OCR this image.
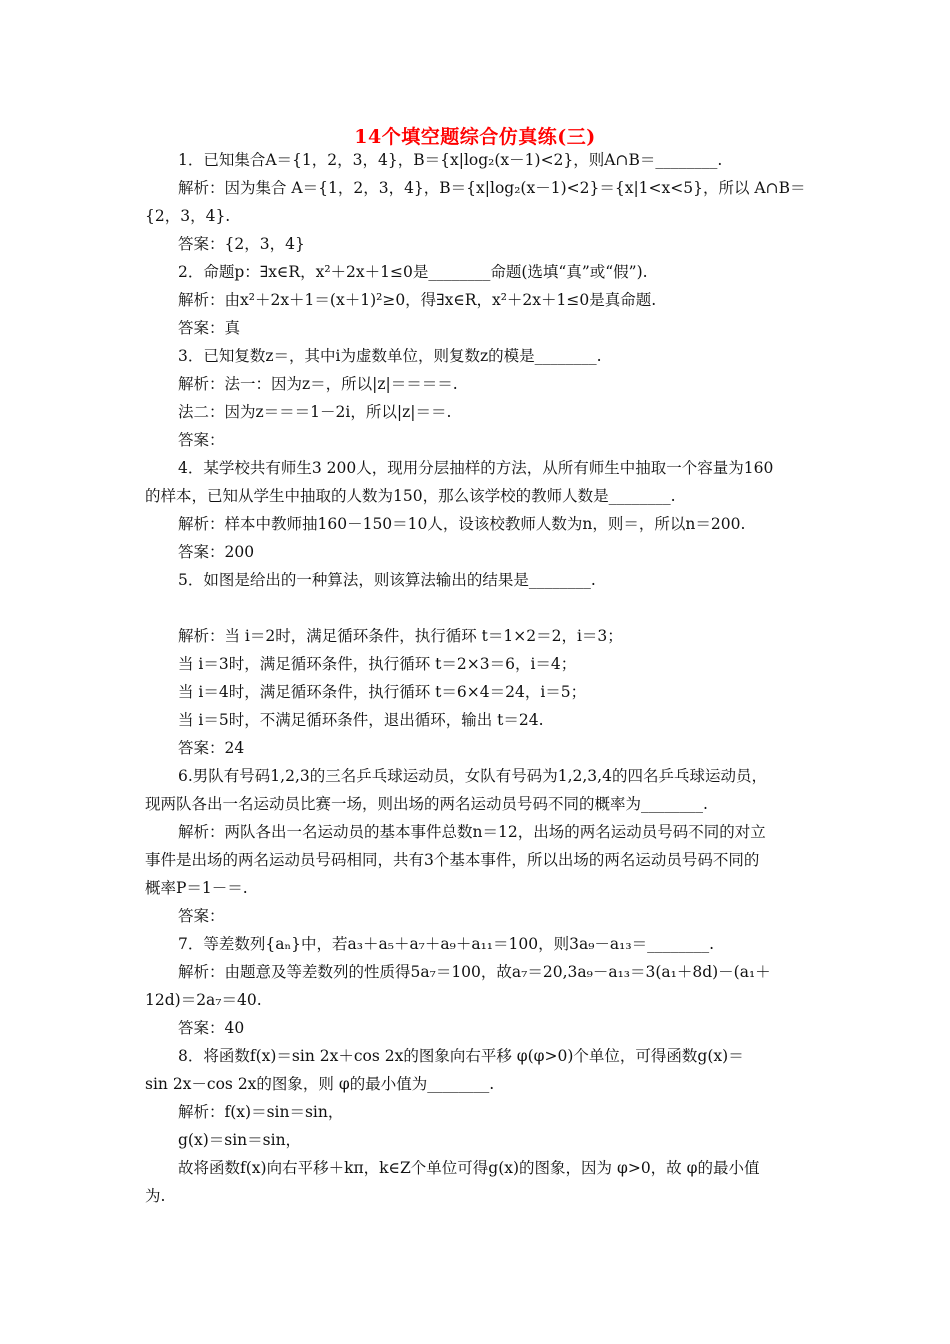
14个填空题综合仿真练(三)
1．已知集合A＝{1，2，3，4}，B＝{x|log₂(x－1)<2}，则A∩B＝________.
解析：因为集合 A＝{1，2，3，4}，B＝{x|log₂(x－1)<2}＝{x|1<x<5}，所以 A∩B＝
{2，3，4}.
答案：{2，3，4}
2．命题p：∃x∈R，x²＋2x＋1≤0是________命题(选填“真”或“假”).
解析：由x²＋2x＋1＝(x＋1)²≥0，得∃x∈R，x²＋2x＋1≤0是真命题.
答案：真
3．已知复数z＝，其中i为虚数单位，则复数z的模是________.
解析：法一：因为z＝，所以|z|＝＝＝＝.
法二：因为z＝＝＝1－2i，所以|z|＝＝.
答案：
4．某学校共有师生3 200人，现用分层抽样的方法，从所有师生中抽取一个容量为160
的样本，已知从学生中抽取的人数为150，那么该学校的教师人数是________.
解析：样本中教师抽160－150＝10人，设该校教师人数为n，则＝，所以n＝200.
答案：200
5．如图是给出的一种算法，则该算法输出的结果是________.
解析：当 i＝2时，满足循环条件，执行循环 t＝1×2＝2，i＝3；
当 i＝3时，满足循环条件，执行循环 t＝2×3＝6，i＝4；
当 i＝4时，满足循环条件，执行循环 t＝6×4＝24，i＝5；
当 i＝5时，不满足循环条件，退出循环，输出 t＝24.
答案：24
6.男队有号码1,2,3的三名乒乓球运动员，女队有号码为1,2,3,4的四名乒乓球运动员，
现两队各出一名运动员比赛一场，则出场的两名运动员号码不同的概率为________.
解析：两队各出一名运动员的基本事件总数n＝12，出场的两名运动员号码不同的对立
事件是出场的两名运动员号码相同，共有3个基本事件，所以出场的两名运动员号码不同的
概率P＝1－＝.
答案：
7．等差数列{aₙ}中，若a₃＋a₅＋a₇＋a₉＋a₁₁＝100，则3a₉－a₁₃＝________.
解析：由题意及等差数列的性质得5a₇＝100，故a₇＝20,3a₉－a₁₃＝3(a₁＋8d)－(a₁＋
12d)＝2a₇＝40.
答案：40
8．将函数f(x)＝sin 2x＋cos 2x的图象向右平移 φ(φ>0)个单位，可得函数g(x)＝
sin 2x－cos 2x的图象，则 φ的最小值为________.
解析：f(x)＝sin＝sin，
g(x)＝sin＝sin，
故将函数f(x)向右平移＋kπ，k∈Z个单位可得g(x)的图象，因为 φ>0，故 φ的最小值
为.
